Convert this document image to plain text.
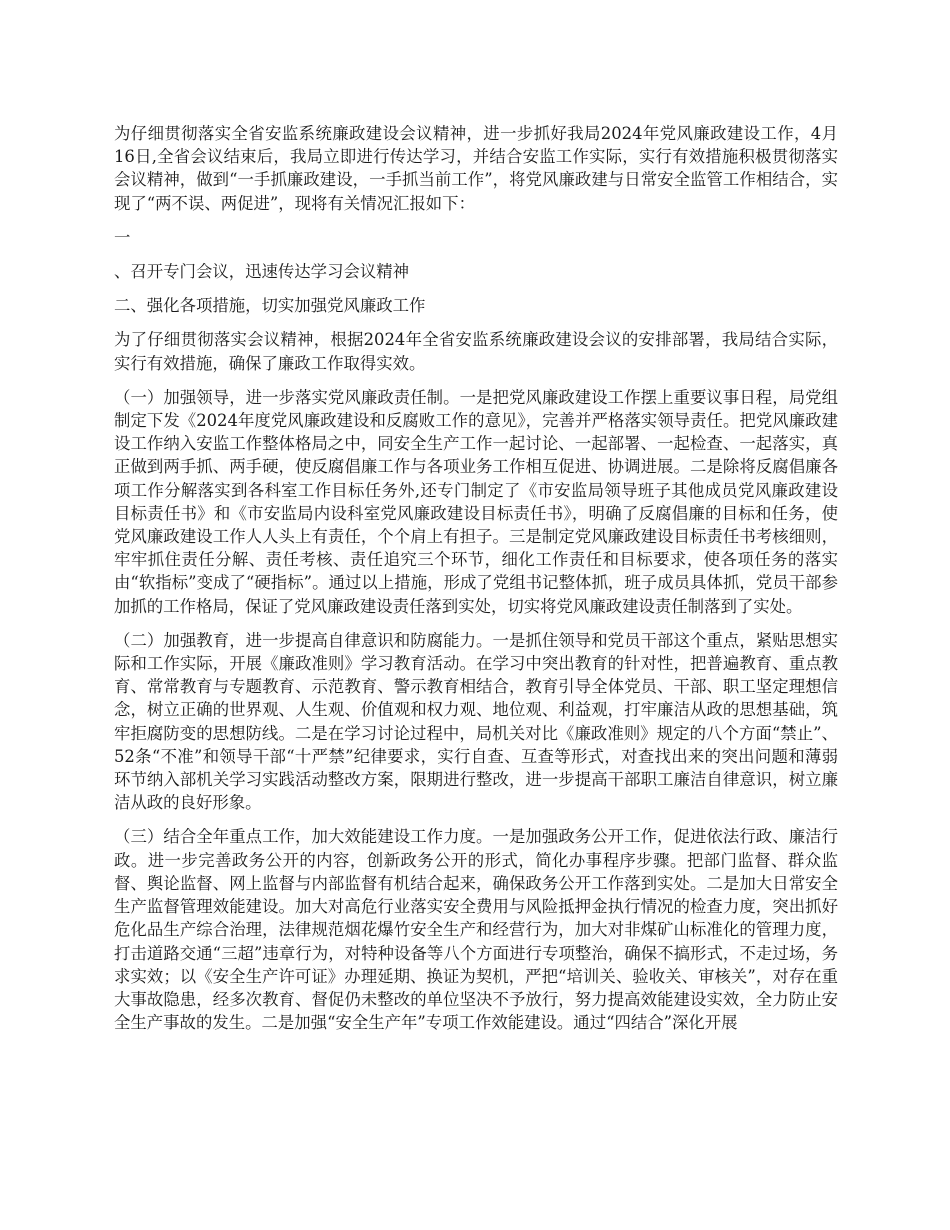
为仔细贯彻落实全省安监系统廉政建设会议精神，进一步抓好我局2024年党风廉政建设工作，4月16日,全省会议结束后，我局立即进行传达学习，并结合安监工作实际，实行有效措施积极贯彻落实会议精神，做到“一手抓廉政建设，一手抓当前工作”，将党风廉政建与日常安全监管工作相结合，实现了“两不误、两促进”，现将有关情况汇报如下：

一

、召开专门会议，迅速传达学习会议精神

二、强化各项措施，切实加强党风廉政工作

为了仔细贯彻落实会议精神，根据2024年全省安监系统廉政建设会议的安排部署，我局结合实际，实行有效措施，确保了廉政工作取得实效。

（一）加强领导，进一步落实党风廉政责任制。一是把党风廉政建设工作摆上重要议事日程，局党组制定下发《2024年度党风廉政建设和反腐败工作的意见》，完善并严格落实领导责任。把党风廉政建设工作纳入安监工作整体格局之中，同安全生产工作一起讨论、一起部署、一起检查、一起落实，真正做到两手抓、两手硬，使反腐倡廉工作与各项业务工作相互促进、协调进展。二是除将反腐倡廉各项工作分解落实到各科室工作目标任务外,还专门制定了《市安监局领导班子其他成员党风廉政建设目标责任书》和《市安监局内设科室党风廉政建设目标责任书》，明确了反腐倡廉的目标和任务，使党风廉政建设工作人人头上有责任，个个肩上有担子。三是制定党风廉政建设目标责任书考核细则，牢牢抓住责任分解、责任考核、责任追究三个环节，细化工作责任和目标要求，使各项任务的落实由“软指标”变成了“硬指标”。通过以上措施，形成了党组书记整体抓，班子成员具体抓，党员干部参加抓的工作格局，保证了党风廉政建设责任落到实处，切实将党风廉政建设责任制落到了实处。

（二）加强教育，进一步提高自律意识和防腐能力。一是抓住领导和党员干部这个重点，紧贴思想实际和工作实际，开展《廉政准则》学习教育活动。在学习中突出教育的针对性，把普遍教育、重点教育、常常教育与专题教育、示范教育、警示教育相结合，教育引导全体党员、干部、职工坚定理想信念，树立正确的世界观、人生观、价值观和权力观、地位观、利益观，打牢廉洁从政的思想基础，筑牢拒腐防变的思想防线。二是在学习讨论过程中，局机关对比《廉政准则》规定的八个方面“禁止”、52条“不准”和领导干部“十严禁”纪律要求，实行自查、互查等形式，对查找出来的突出问题和薄弱环节纳入部机关学习实践活动整改方案，限期进行整改，进一步提高干部职工廉洁自律意识，树立廉洁从政的良好形象。

（三）结合全年重点工作，加大效能建设工作力度。一是加强政务公开工作，促进依法行政、廉洁行政。进一步完善政务公开的内容，创新政务公开的形式，简化办事程序步骤。把部门监督、群众监督、舆论监督、网上监督与内部监督有机结合起来，确保政务公开工作落到实处。二是加大日常安全生产监督管理效能建设。加大对高危行业落实安全费用与风险抵押金执行情况的检查力度，突出抓好危化品生产综合治理，法律规范烟花爆竹安全生产和经营行为，加大对非煤矿山标准化的管理力度，打击道路交通“三超”违章行为，对特种设备等八个方面进行专项整治，确保不搞形式，不走过场，务求实效；以《安全生产许可证》办理延期、换证为契机，严把“培训关、验收关、审核关”，对存在重大事故隐患，经多次教育、督促仍未整改的单位坚决不予放行，努力提高效能建设实效，全力防止安全生产事故的发生。二是加强“安全生产年”专项工作效能建设。通过“四结合”深化开展
